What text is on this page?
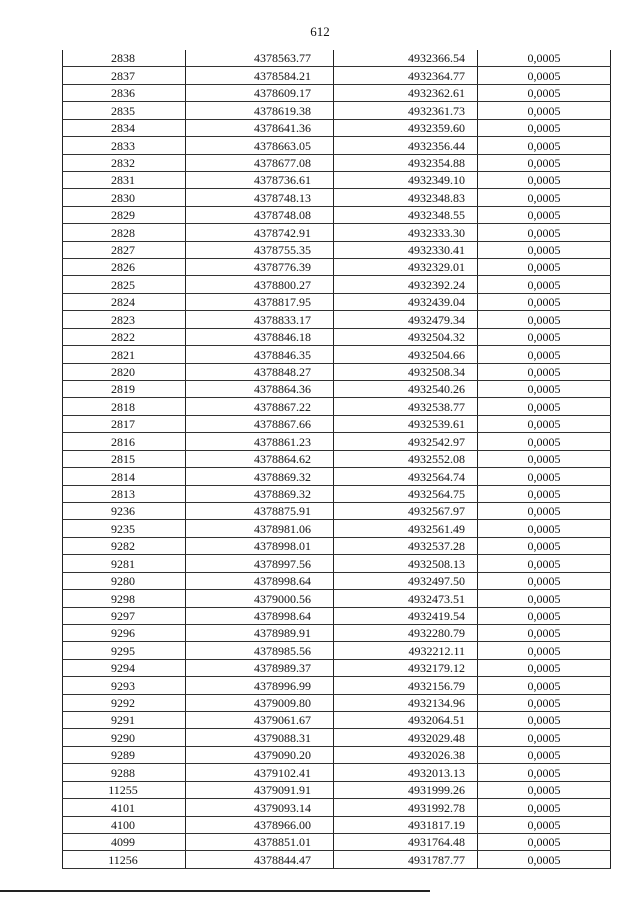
612
2838	4378563.77	4932366.54	0,0005
2837	4378584.21	4932364.77	0,0005
2836	4378609.17	4932362.61	0,0005
2835	4378619.38	4932361.73	0,0005
2834	4378641.36	4932359.60	0,0005
2833	4378663.05	4932356.44	0,0005
2832	4378677.08	4932354.88	0,0005
2831	4378736.61	4932349.10	0,0005
2830	4378748.13	4932348.83	0,0005
2829	4378748.08	4932348.55	0,0005
2828	4378742.91	4932333.30	0,0005
2827	4378755.35	4932330.41	0,0005
2826	4378776.39	4932329.01	0,0005
2825	4378800.27	4932392.24	0,0005
2824	4378817.95	4932439.04	0,0005
2823	4378833.17	4932479.34	0,0005
2822	4378846.18	4932504.32	0,0005
2821	4378846.35	4932504.66	0,0005
2820	4378848.27	4932508.34	0,0005
2819	4378864.36	4932540.26	0,0005
2818	4378867.22	4932538.77	0,0005
2817	4378867.66	4932539.61	0,0005
2816	4378861.23	4932542.97	0,0005
2815	4378864.62	4932552.08	0,0005
2814	4378869.32	4932564.74	0,0005
2813	4378869.32	4932564.75	0,0005
9236	4378875.91	4932567.97	0,0005
9235	4378981.06	4932561.49	0,0005
9282	4378998.01	4932537.28	0,0005
9281	4378997.56	4932508.13	0,0005
9280	4378998.64	4932497.50	0,0005
9298	4379000.56	4932473.51	0,0005
9297	4378998.64	4932419.54	0,0005
9296	4378989.91	4932280.79	0,0005
9295	4378985.56	4932212.11	0,0005
9294	4378989.37	4932179.12	0,0005
9293	4378996.99	4932156.79	0,0005
9292	4379009.80	4932134.96	0,0005
9291	4379061.67	4932064.51	0,0005
9290	4379088.31	4932029.48	0,0005
9289	4379090.20	4932026.38	0,0005
9288	4379102.41	4932013.13	0,0005
11255	4379091.91	4931999.26	0,0005
4101	4379093.14	4931992.78	0,0005
4100	4378966.00	4931817.19	0,0005
4099	4378851.01	4931764.48	0,0005
11256	4378844.47	4931787.77	0,0005
